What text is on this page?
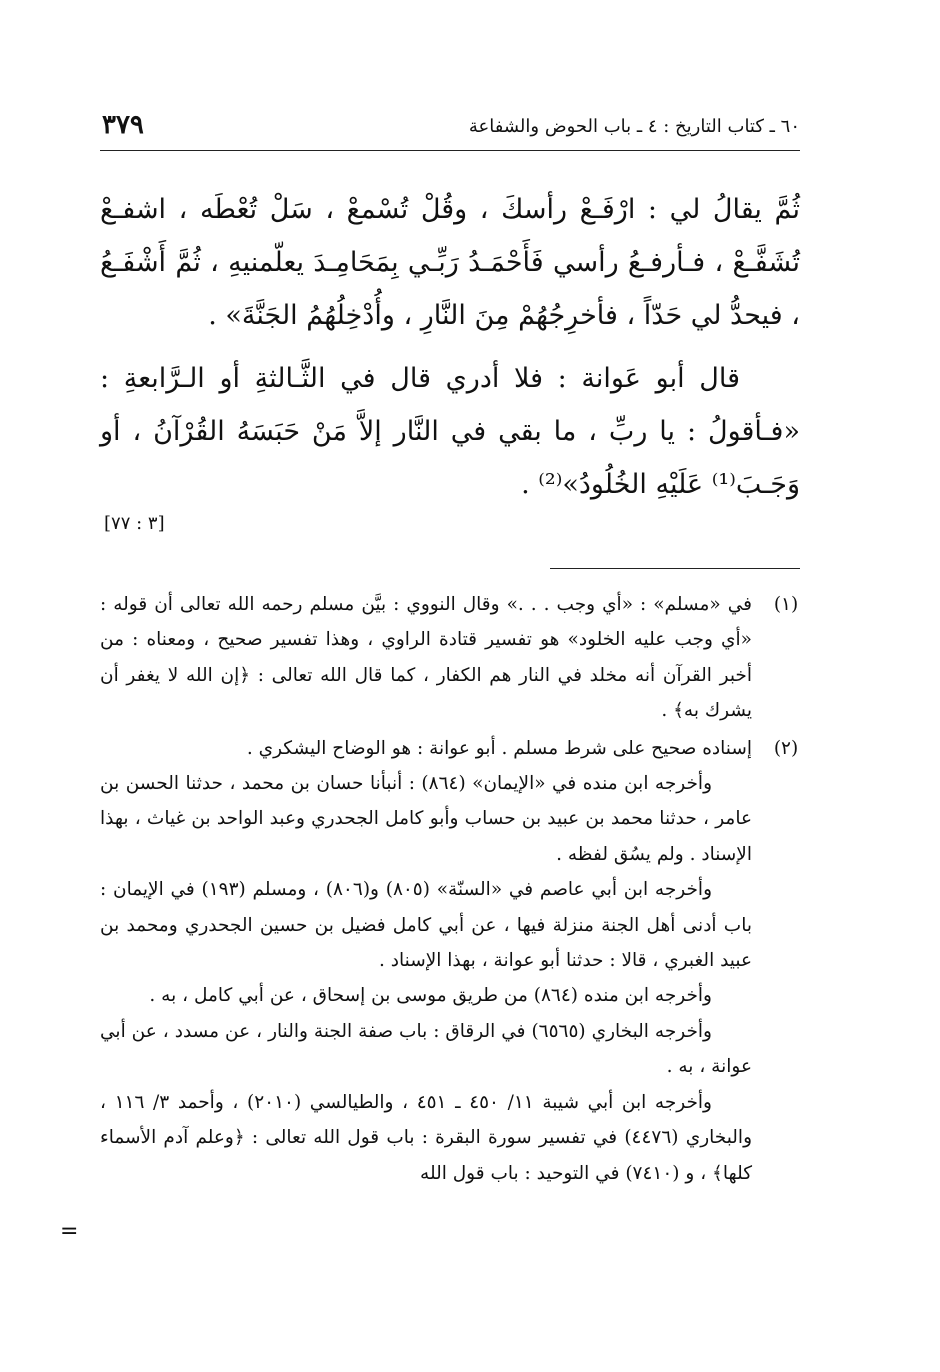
٦٠ ـ كتاب التاريخ : ٤ ـ باب الحوض والشفاعة
٣٧٩

ثُمَّ يقالُ لي : ارْفَـعْ رأسكَ ، وقُلْ تُسْمعْ ، سَلْ تُعْطَه ، اشفـعْ تُشَفَّـعْ ، فـأرفـعُ رأسي فَأَحْمَـدُ رَبِّـي بِمَحَامِـدَ يعلّمنيهِ ، ثُمَّ أَشْفَـعُ ، فيحدُّ لي حَدّاً ، فأخرِجُهُمْ مِنَ النَّارِ ، وأُدْخِلُهُمُ الجَنَّةَ» .

قال أبو عَوانة : فلا أدري قال في الثَّـالثةِ أو الـرَّابعةِ : «فـأقولُ : يا ربِّ ، ما بقي في النَّار إلاَّ مَنْ حَبَسَهُ القُرْآنُ ، أو وَجَـبَ⁽¹⁾ عَلَيْهِ الخُلُودُ»⁽²⁾ .

[٣ : ٧٧]
(١)

في «مسلم» : «أي وجب . . .» وقال النووي : بيَّن مسلم رحمه الله تعالى أن قوله : «أي وجب عليه الخلود» هو تفسير قتادة الراوي ، وهذا تفسير صحيح ، ومعناه : من أخبر القرآن أنه مخلد في النار هم الكفار ، كما قال الله تعالى : ﴿إن الله لا يغفر أن يشرك به﴾ .

(٢)

إسناده صحيح على شرط مسلم . أبو عوانة : هو الوضاح اليشكري .

وأخرجه ابن منده في «الإيمان» (٨٦٤) : أنبأنا حسان بن محمد ، حدثنا الحسن بن عامر ، حدثنا محمد بن عبيد بن حساب وأبو كامل الجحدري وعبد الواحد بن غياث ، بهذا الإسناد . ولم يسُق لفظه .

وأخرجه ابن أبي عاصم في «السنّة» (٨٠٥) و(٨٠٦) ، ومسلم (١٩٣) في الإيمان : باب أدنى أهل الجنة منزلة فيها ، عن أبي كامل فضيل بن حسين الجحدري ومحمد بن عبيد الغبري ، قالا : حدثنا أبو عوانة ، بهذا الإسناد .

وأخرجه ابن منده (٨٦٤) من طريق موسى بن إسحاق ، عن أبي كامل ، به .

وأخرجه البخاري (٦٥٦٥) في الرقاق : باب صفة الجنة والنار ، عن مسدد ، عن أبي عوانة ، به .

وأخرجه ابن أبي شيبة ١١/ ٤٥٠ ـ ٤٥١ ، والطيالسي (٢٠١٠) ، وأحمد ٣/ ١١٦ ، والبخاري (٤٤٧٦) في تفسير سورة البقرة : باب قول الله تعالى : ﴿وعلم آدم الأسماء كلها﴾ ، و (٧٤١٠) في التوحيد : باب قول الله

=
